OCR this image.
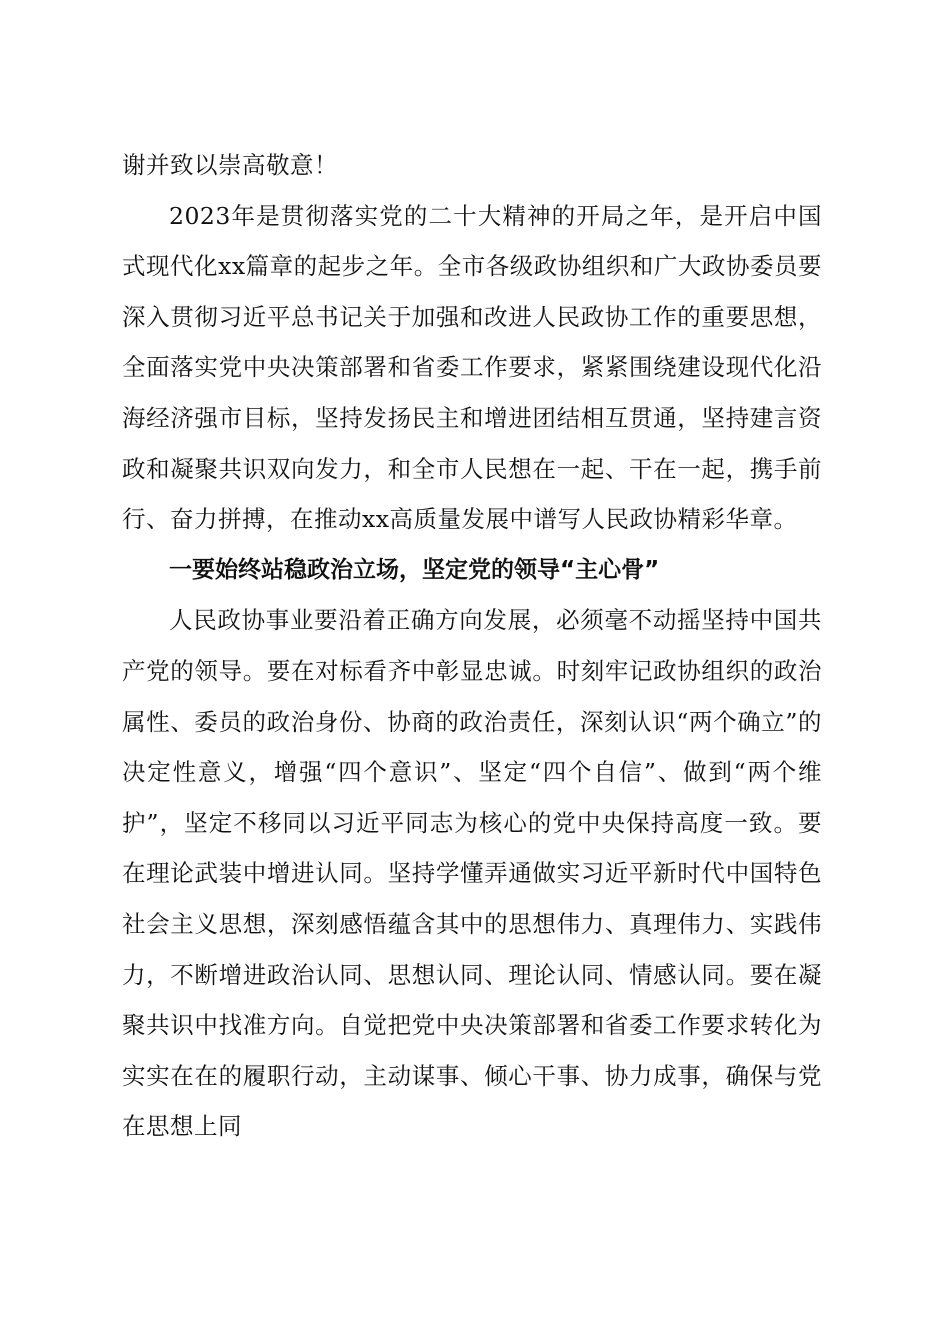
谢并致以崇高敬意！

2023年是贯彻落实党的二十大精神的开局之年，是开启中国式现代化xx篇章的起步之年。全市各级政协组织和广大政协委员要深入贯彻习近平总书记关于加强和改进人民政协工作的重要思想，全面落实党中央决策部署和省委工作要求，紧紧围绕建设现代化沿海经济强市目标，坚持发扬民主和增进团结相互贯通，坚持建言资政和凝聚共识双向发力，和全市人民想在一起、干在一起，携手前行、奋力拼搏，在推动xx高质量发展中谱写人民政协精彩华章。

一要始终站稳政治立场，坚定党的领导“主心骨”

人民政协事业要沿着正确方向发展，必须毫不动摇坚持中国共产党的领导。要在对标看齐中彰显忠诚。时刻牢记政协组织的政治属性、委员的政治身份、协商的政治责任，深刻认识“两个确立”的决定性意义，增强“四个意识”、坚定“四个自信”、做到“两个维护”，坚定不移同以习近平同志为核心的党中央保持高度一致。要在理论武装中增进认同。坚持学懂弄通做实习近平新时代中国特色社会主义思想，深刻感悟蕴含其中的思想伟力、真理伟力、实践伟力，不断增进政治认同、思想认同、理论认同、情感认同。要在凝聚共识中找准方向。自觉把党中央决策部署和省委工作要求转化为实实在在的履职行动，主动谋事、倾心干事、协力成事，确保与党在思想上同
